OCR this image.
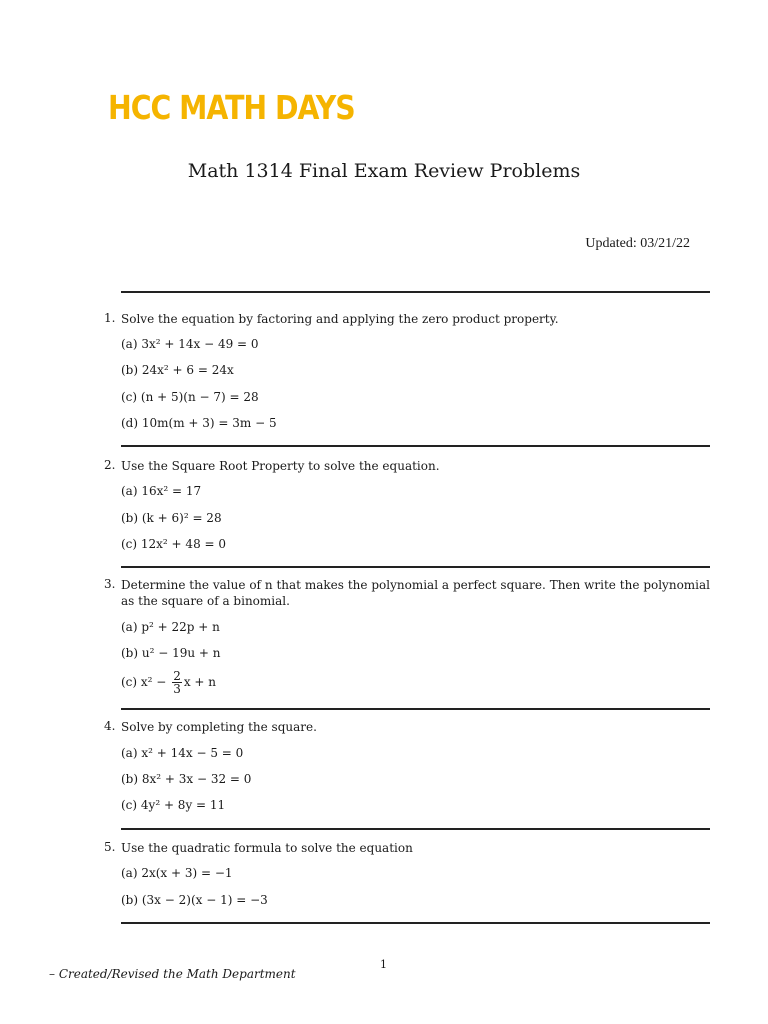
HCC MATH DAYS
Math 1314 Final Exam Review Problems
Updated: 03/21/22
1. Solve the equation by factoring and applying the zero product property.
(a) 3x² + 14x − 49 = 0
(b) 24x² + 6 = 24x
(c) (n + 5)(n − 7) = 28
(d) 10m(m + 3) = 3m − 5
2. Use the Square Root Property to solve the equation.
(a) 16x² = 17
(b) (k + 6)² = 28
(c) 12x² + 48 = 0
3. Determine the value of n that makes the polynomial a perfect square. Then write the polynomial as the square of a binomial.
(a) p² + 22p + n
(b) u² − 19u + n
(c) $x^2 - \frac{2}{3}$ x + n
4. Solve by completing the square.
(a) x² + 14x − 5 = 0
(b) 8x² + 3x − 32 = 0
(c) 4y² + 8y = 11
5. Use the quadratic formula to solve the equation
(a) 2x(x + 3) = −1
(b) (3x − 2)(x − 1) = −3
1
– Created/Revised the Math Department
